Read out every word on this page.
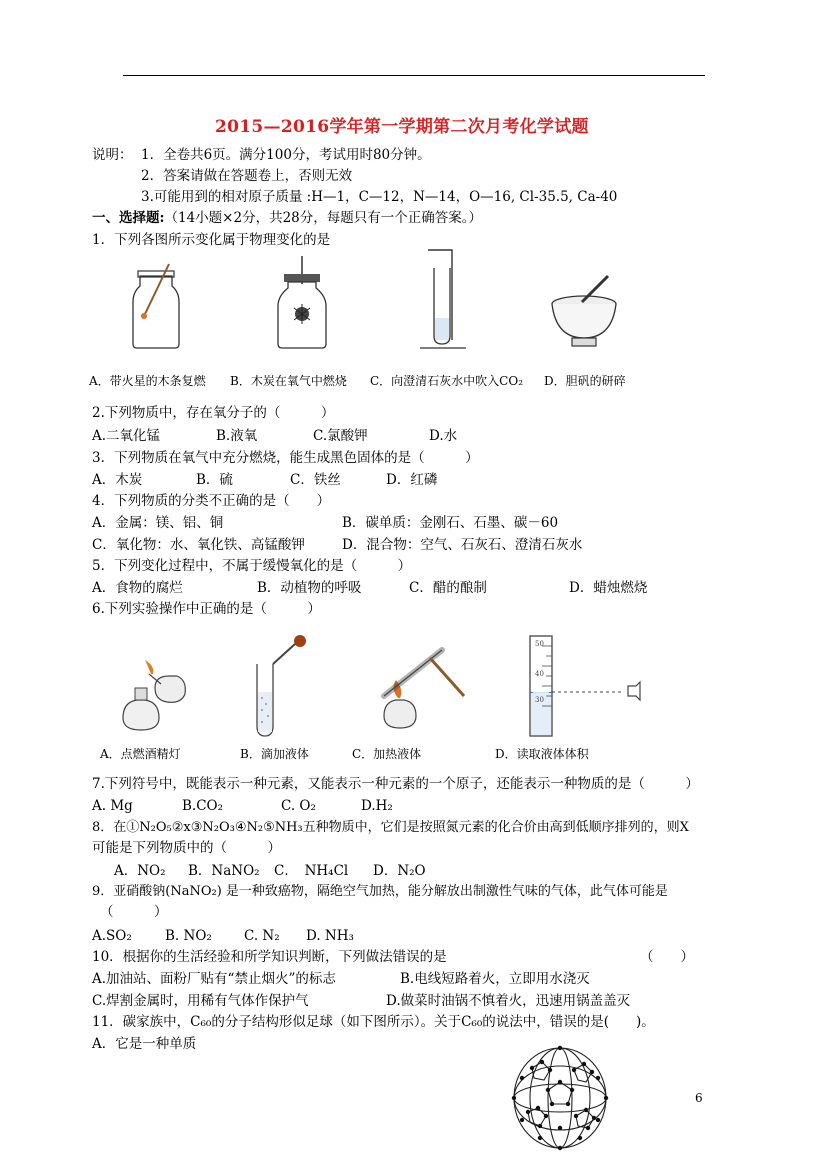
2015—2016学年第一学期第二次月考化学试题
说明： 1．全卷共6页。满分100分，考试用时80分钟。
2．答案请做在答题卷上，否则无效
3.可能用到的相对原子质量 :H—1，C—12，N—14，O—16, Cl-35.5, Ca-40
一、选择题:（14小题×2分，共28分，每题只有一个正确答案。）
1．下列各图所示变化属于物理变化的是
A．带火星的木条复燃 B．木炭在氧气中燃烧 C．向澄清石灰水中吹入CO₂ D．胆矾的研碎
2.下列物质中，存在氧分子的（　　　）
A.二氧化锰	B.液氧	C.氯酸钾	D.水
3．下列物质在氧气中充分燃烧，能生成黑色固体的是（　　　）
A．木炭	B．硫	C．铁丝	D．红磷
4．下列物质的分类不正确的是（　　）
A．金属：镁、铝、铜	B．碳单质：金刚石、石墨、碳－60
C．氧化物：水、氧化铁、高锰酸钾	D．混合物：空气、石灰石、澄清石灰水
5．下列变化过程中，不属于缓慢氧化的是（　　　）
A．食物的腐烂	B．动植物的呼吸	C．醋的酿制	D．蜡烛燃烧
6.下列实验操作中正确的是（　　　）
50
40
30
A．点燃酒精灯	B．滴加液体	C．加热液体	D．读取液体体积
7.下列符号中，既能表示一种元素，又能表示一种元素的一个原子，还能表示一种物质的是（　　　）
A. Mg	B.CO₂	C. O₂	D.H₂
8．在①N₂O₅②x③N₂O₃④N₂⑤NH₃五种物质中，它们是按照氮元素的化合价由高到低顺序排列的，则X
可能是下列物质中的（　　　）
A．NO₂ B．NaNO₂ C．　NH₄Cl D．N₂O
9．亚硝酸钠(NaNO₂) 是一种致癌物，隔绝空气加热，能分解放出制激性气味的气体，此气体可能是
（　　　）
A.SO₂ B. NO₂ C. N₂ D. NH₃
10．根据你的生活经验和所学知识判断，下列做法错误的是	（　　）
A.加油站、面粉厂贴有“禁止烟火”的标志	B.电线短路着火，立即用水浇灭
C.焊割金属时，用稀有气体作保护气	D.做菜时油锅不慎着火，迅速用锅盖盖灭
11．碳家族中，C₆₀的分子结构形似足球（如下图所示）。关于C₆₀的说法中，错误的是(　　)。
A．它是一种单质
6
